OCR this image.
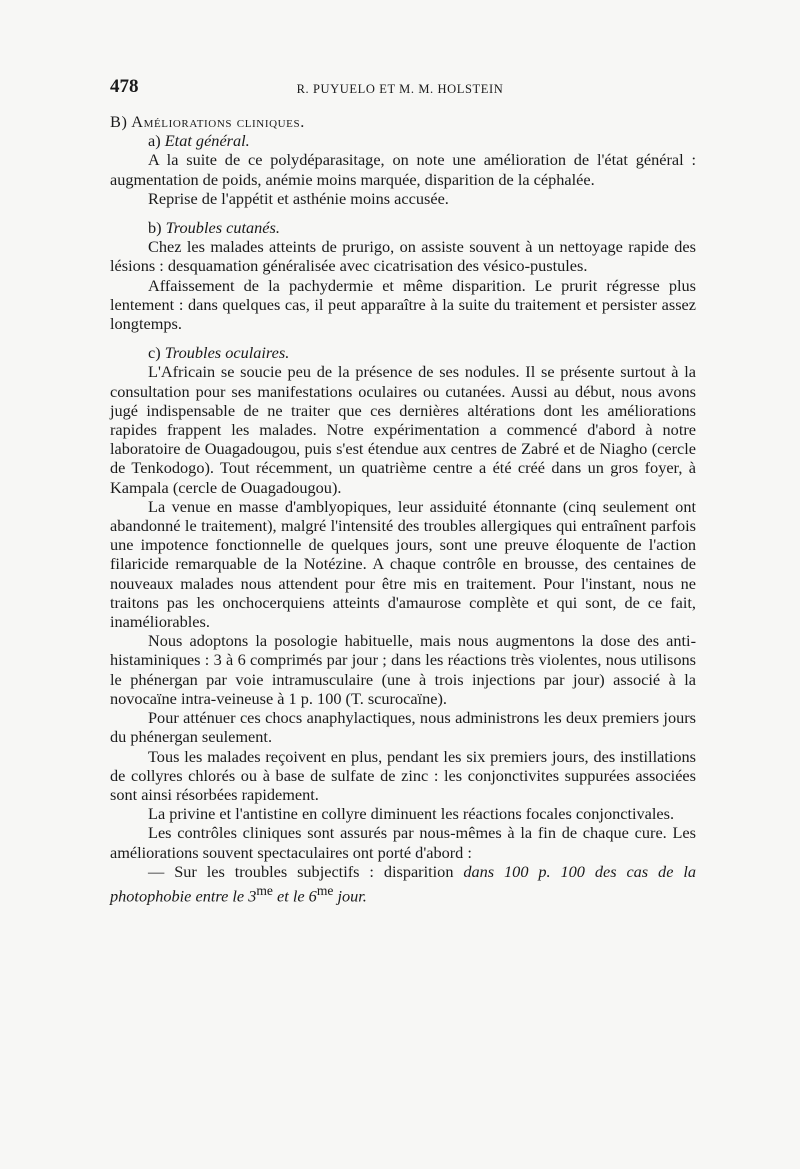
478	R. PUYUELO ET M. M. HOLSTEIN

B) Améliorations cliniques.

a) Etat général.

A la suite de ce polydéparasitage, on note une amélioration de l'état général : augmentation de poids, anémie moins marquée, disparition de la céphalée.

Reprise de l'appétit et asthénie moins accusée.

b) Troubles cutanés.

Chez les malades atteints de prurigo, on assiste souvent à un nettoyage rapide des lésions : desquamation généralisée avec cicatrisation des vésico-pustules.

Affaissement de la pachydermie et même disparition. Le prurit régresse plus lentement : dans quelques cas, il peut apparaître à la suite du traitement et persister assez longtemps.

c) Troubles oculaires.

L'Africain se soucie peu de la présence de ses nodules. Il se présente surtout à la consultation pour ses manifestations oculaires ou cutanées. Aussi au début, nous avons jugé indispensable de ne traiter que ces dernières altérations dont les améliorations rapides frappent les malades. Notre expérimentation a commencé d'abord à notre laboratoire de Ouagadougou, puis s'est étendue aux centres de Zabré et de Niagho (cercle de Tenkodogo). Tout récemment, un quatrième centre a été créé dans un gros foyer, à Kampala (cercle de Ouagadougou).

La venue en masse d'amblyopiques, leur assiduité étonnante (cinq seulement ont abandonné le traitement), malgré l'intensité des troubles allergiques qui entraînent parfois une impotence fonctionnelle de quelques jours, sont une preuve éloquente de l'action filaricide remarquable de la Notézine. A chaque contrôle en brousse, des centaines de nouveaux malades nous attendent pour être mis en traitement. Pour l'instant, nous ne traitons pas les onchocerquiens atteints d'amaurose complète et qui sont, de ce fait, inaméliorables.

Nous adoptons la posologie habituelle, mais nous augmentons la dose des anti-histaminiques : 3 à 6 comprimés par jour ; dans les réactions très violentes, nous utilisons le phénergan par voie intramusculaire (une à trois injections par jour) associé à la novocaïne intra-veineuse à 1 p. 100 (T. scurocaïne).

Pour atténuer ces chocs anaphylactiques, nous administrons les deux premiers jours du phénergan seulement.

Tous les malades reçoivent en plus, pendant les six premiers jours, des instillations de collyres chlorés ou à base de sulfate de zinc : les conjonctivites suppurées associées sont ainsi résorbées rapidement.

La privine et l'antistine en collyre diminuent les réactions focales conjonctivales.

Les contrôles cliniques sont assurés par nous-mêmes à la fin de chaque cure. Les améliorations souvent spectaculaires ont porté d'abord :

— Sur les troubles subjectifs : disparition dans 100 p. 100 des cas de la photophobie entre le $3^{me}$ et le $6^{me}$ jour.
